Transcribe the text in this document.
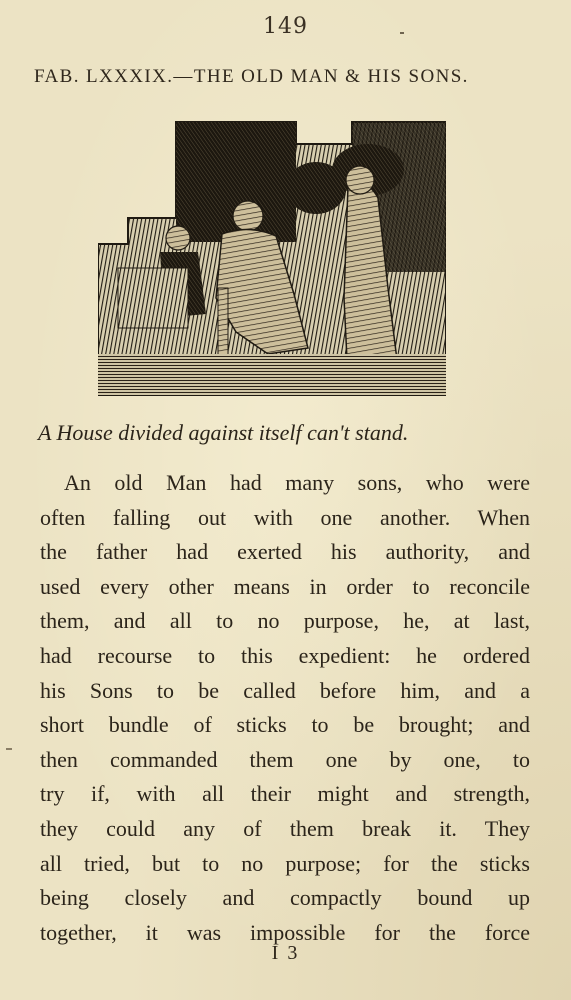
149
FAB. LXXXIX.—THE OLD MAN & HIS SONS.
A House divided against itself can't stand.
An old Man had many sons, who were
often falling out with one another. When
the father had exerted his authority, and
used every other means in order to reconcile
them, and all to no purpose, he, at last,
had recourse to this expedient: he ordered
his Sons to be called before him, and a
short bundle of sticks to be brought; and
then commanded them one by one, to
try if, with all their might and strength,
they could any of them break it. They
all tried, but to no purpose; for the sticks
being closely and compactly bound up
together, it was impossible for the force
I 3
